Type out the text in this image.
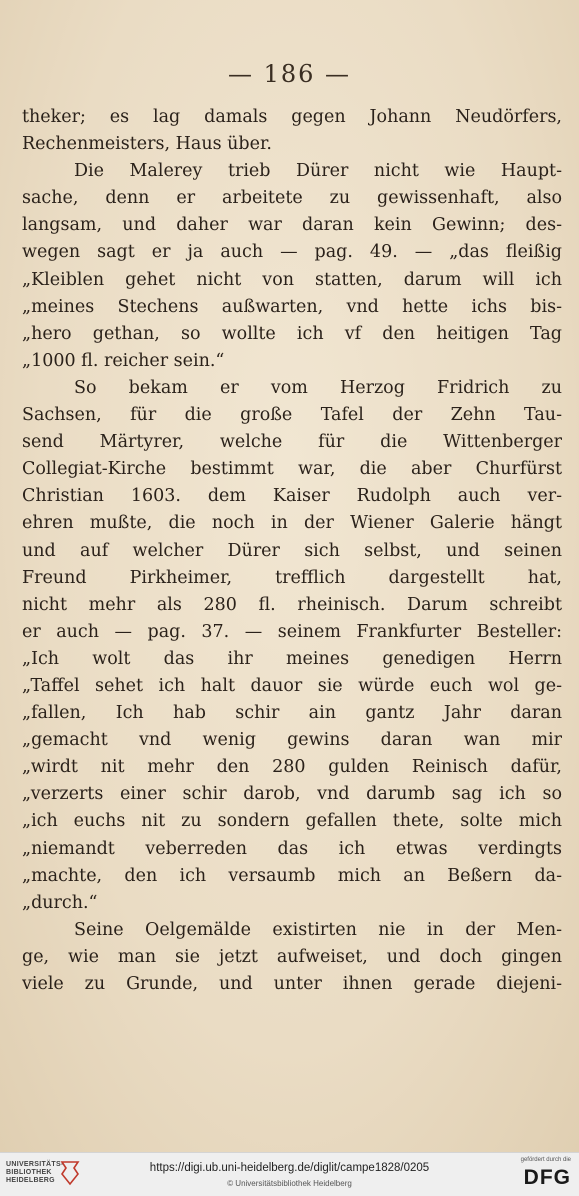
— 186 —
theker; es lag damals gegen Johann Neudörfers,
Rechenmeisters, Haus über.
Die Malerey trieb Dürer nicht wie Haupt-
sache, denn er arbeitete zu gewissenhaft, also
langsam, und daher war daran kein Gewinn; des-
wegen sagt er ja auch — pag. 49. — „das fleißig
„Kleiblen gehet nicht von statten, darum will ich
„meines Stechens außwarten, vnd hette ichs bis-
„hero gethan, so wollte ich vf den heitigen Tag
„1000 fl. reicher sein.“
So bekam er vom Herzog Fridrich zu
Sachsen, für die große Tafel der Zehn Tau-
send Märtyrer, welche für die Wittenberger
Collegiat-Kirche bestimmt war, die aber Churfürst
Christian 1603. dem Kaiser Rudolph auch ver-
ehren mußte, die noch in der Wiener Galerie hängt
und auf welcher Dürer sich selbst, und seinen
Freund Pirkheimer, trefflich dargestellt hat,
nicht mehr als 280 fl. rheinisch. Darum schreibt
er auch — pag. 37. — seinem Frankfurter Besteller:
„Ich wolt das ihr meines genedigen Herrn
„Taffel sehet ich halt dauor sie würde euch wol ge-
„fallen, Ich hab schir ain gantz Jahr daran
„gemacht vnd wenig gewins daran wan mir
„wirdt nit mehr den 280 gulden Reinisch dafür,
„verzerts einer schir darob, vnd darumb sag ich so
„ich euchs nit zu sondern gefallen thete, solte mich
„niemandt veberreden das ich etwas verdingts
„machte, den ich versaumb mich an Beßern da-
„durch.“
Seine Oelgemälde existirten nie in der Men-
ge, wie man sie jetzt aufweiset, und doch gingen
viele zu Grunde, und unter ihnen gerade diejeni-
UNIVERSITÄTS-
BIBLIOTHEK
HEIDELBERG
https://digi.ub.uni-heidelberg.de/diglit/campe1828/0205
© Universitätsbibliothek Heidelberg
gefördert durch die
DFG
